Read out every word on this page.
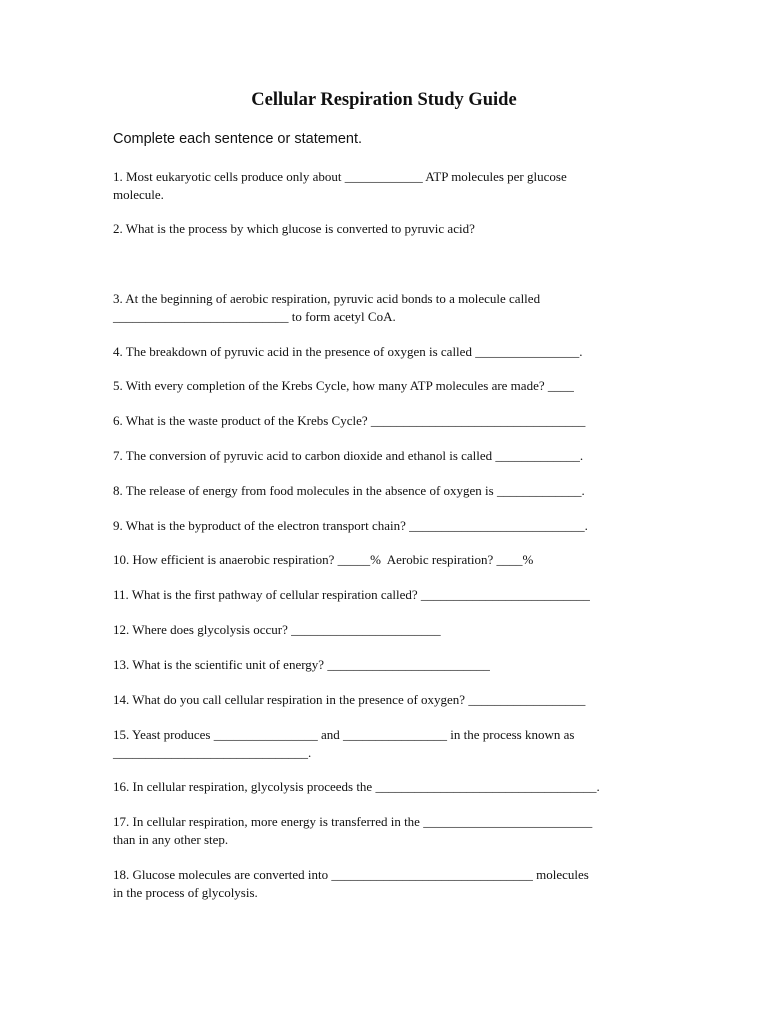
Cellular Respiration Study Guide
Complete each sentence or statement.
1. Most eukaryotic cells produce only about ____________ ATP molecules per glucose
molecule.
2. What is the process by which glucose is converted to pyruvic acid?
3. At the beginning of aerobic respiration, pyruvic acid bonds to a molecule called
___________________________ to form acetyl CoA.
4. The breakdown of pyruvic acid in the presence of oxygen is called ________________.
5. With every completion of the Krebs Cycle, how many ATP molecules are made? ____
6. What is the waste product of the Krebs Cycle? _________________________________
7. The conversion of pyruvic acid to carbon dioxide and ethanol is called _____________.
8. The release of energy from food molecules in the absence of oxygen is _____________.
9. What is the byproduct of the electron transport chain? ___________________________.
10. How efficient is anaerobic respiration? _____%  Aerobic respiration? ____%
11. What is the first pathway of cellular respiration called? __________________________
12. Where does glycolysis occur? _______________________
13. What is the scientific unit of energy? _________________________
14. What do you call cellular respiration in the presence of oxygen? __________________
15. Yeast produces ________________ and ________________ in the process known as
______________________________.
16. In cellular respiration, glycolysis proceeds the __________________________________.
17. In cellular respiration, more energy is transferred in the __________________________
than in any other step.
18. Glucose molecules are converted into _______________________________ molecules
in the process of glycolysis.
